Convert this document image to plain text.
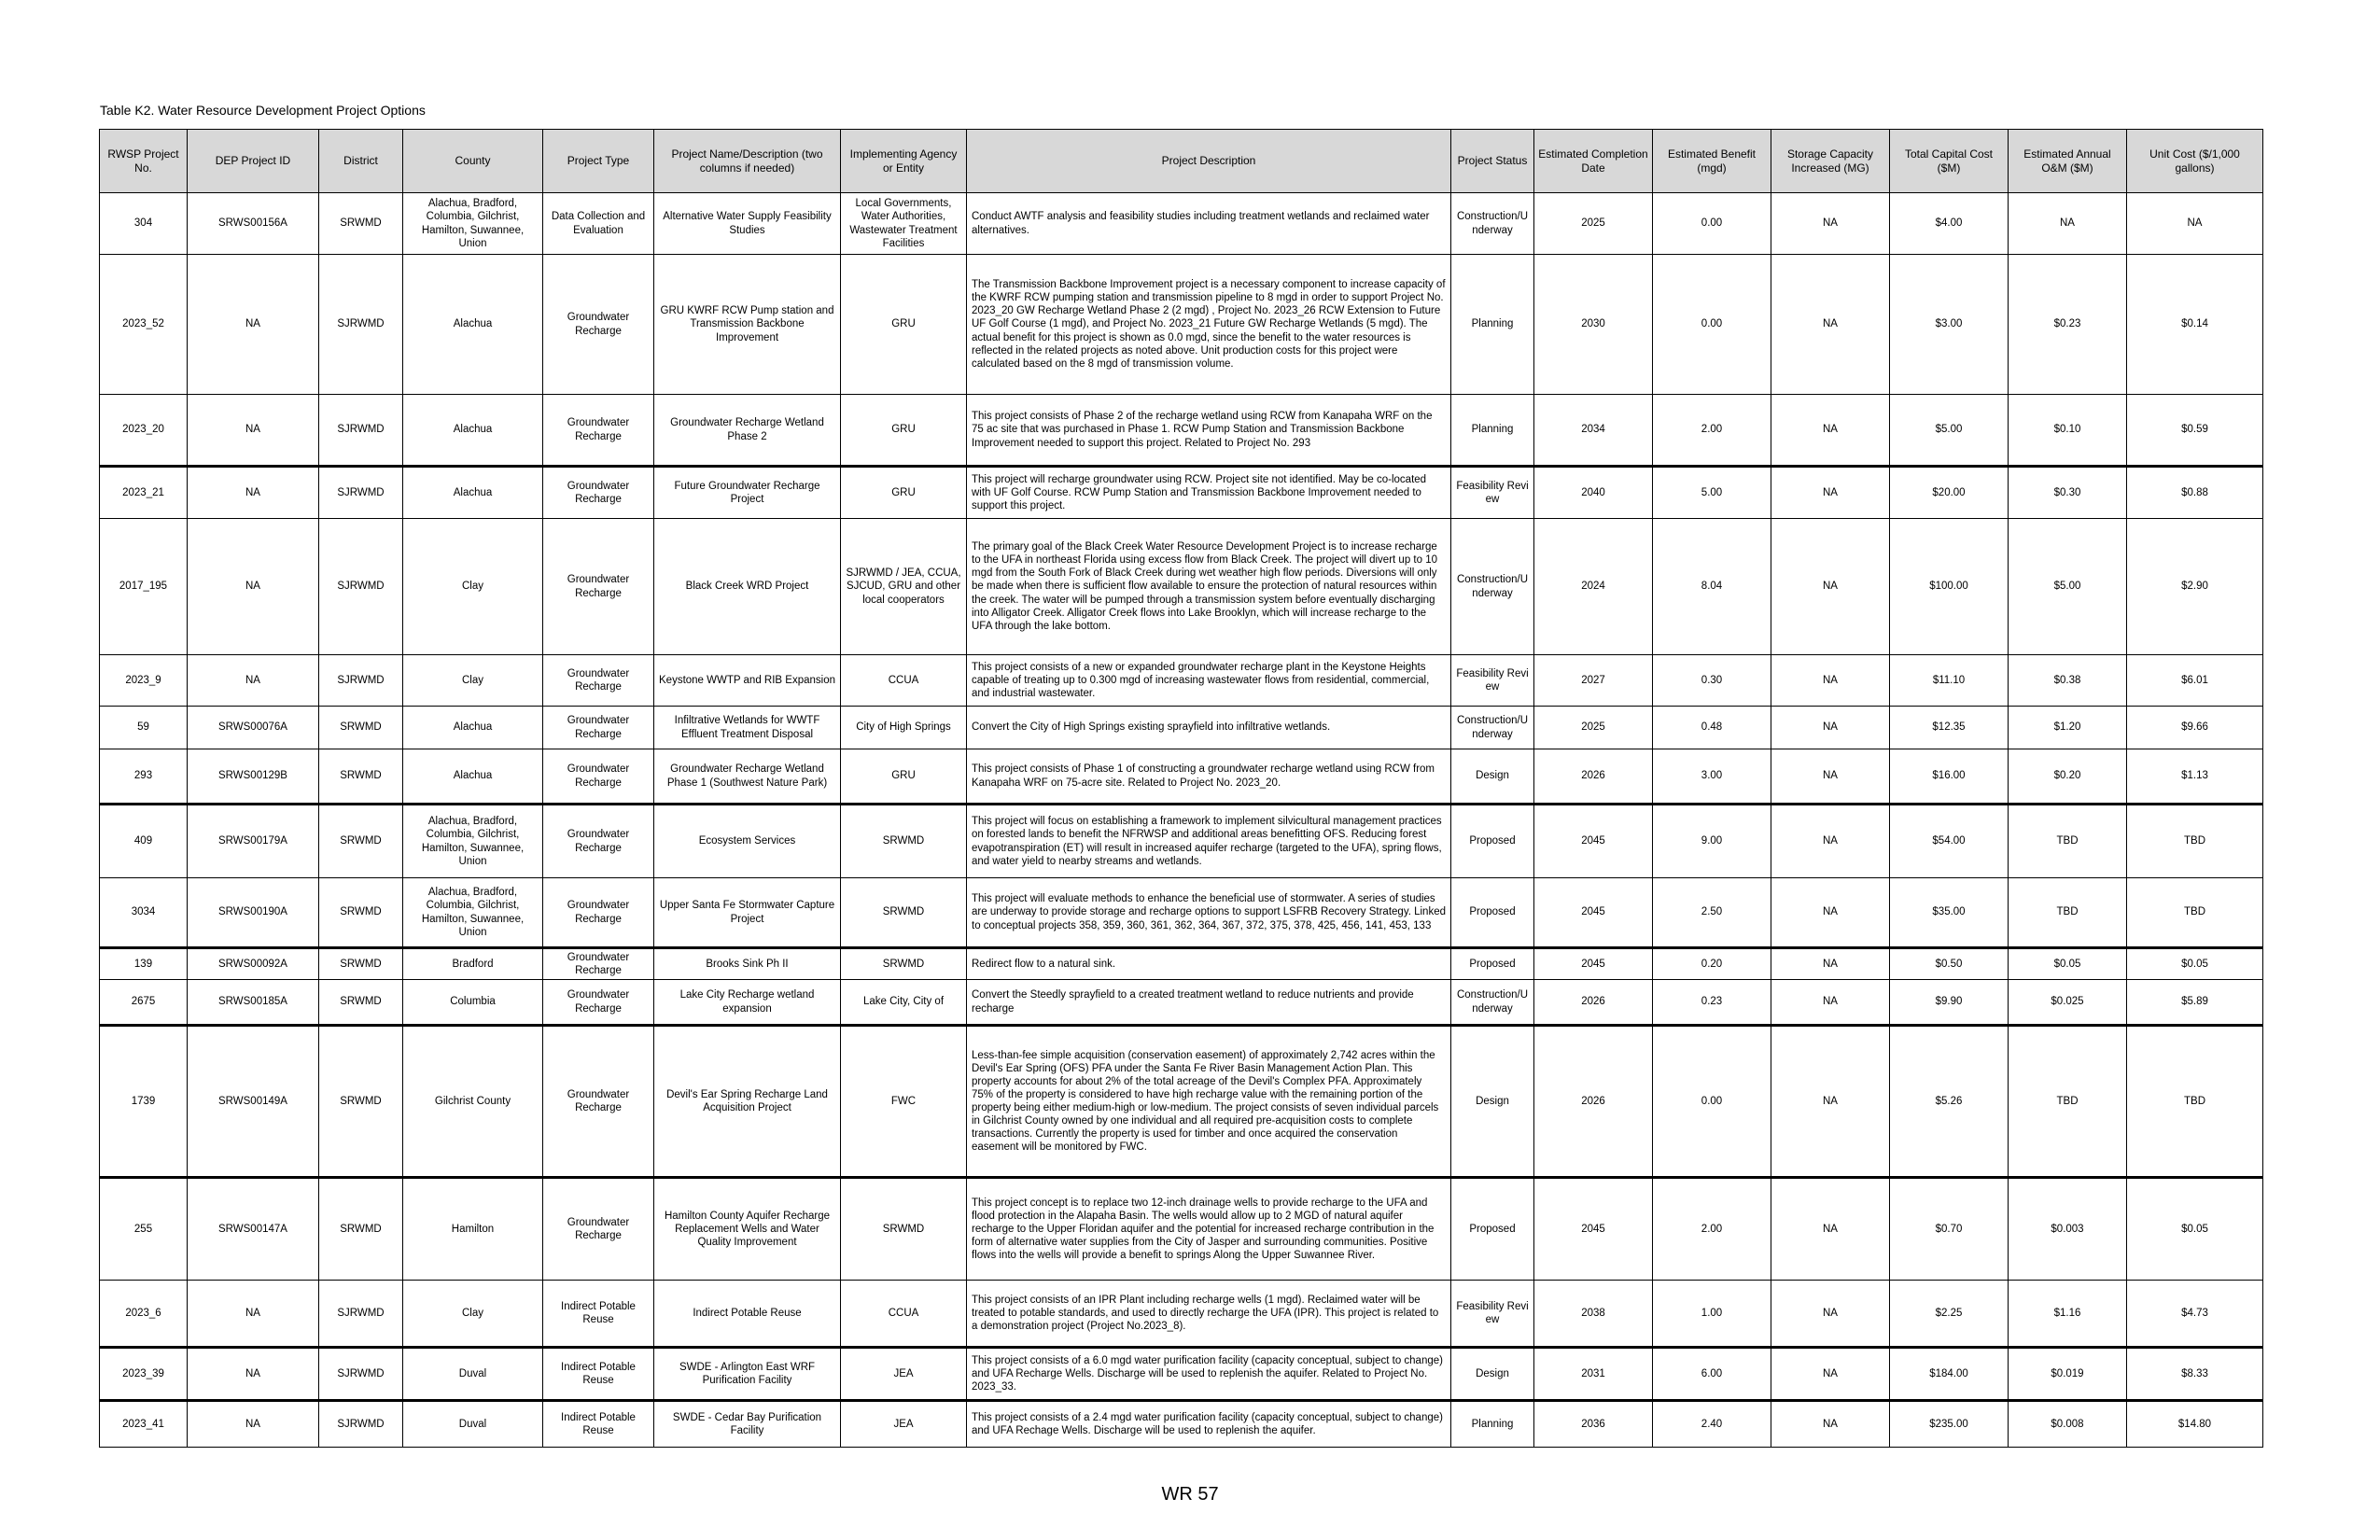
Table K2. Water Resource Development Project Options
RWSP Project No.	DEP Project ID	District	County	Project Type	Project Name/Description (two columns if needed)	Implementing Agency or Entity	Project Description	Project Status	Estimated Completion Date	Estimated Benefit (mgd)	Storage Capacity Increased (MG)	Total Capital Cost ($M)	Estimated Annual O&M ($M)	Unit Cost ($/1,000 gallons)
304	SRWS00156A	SRWMD	Alachua, Bradford, Columbia, Gilchrist, Hamilton, Suwannee, Union	Data Collection and Evaluation	Alternative Water Supply Feasibility Studies	Local Governments, Water Authorities, Wastewater Treatment Facilities	Conduct AWTF analysis and feasibility studies including treatment wetlands and reclaimed water alternatives.	Construction/Underway	2025	0.00	NA	$4.00	NA	NA
2023_52	NA	SJRWMD	Alachua	Groundwater Recharge	GRU KWRF RCW Pump station and Transmission Backbone Improvement	GRU	The Transmission Backbone Improvement project is a necessary component to increase capacity of the KWRF RCW pumping station and transmission pipeline to 8 mgd in order to support Project No. 2023_20 GW Recharge Wetland Phase 2 (2 mgd) , Project No. 2023_26 RCW Extension to Future UF Golf Course (1 mgd), and Project No. 2023_21 Future GW Recharge Wetlands (5 mgd). The actual benefit for this project is shown as 0.0 mgd, since the benefit to the water resources is reflected in the related projects as noted above. Unit production costs for this project were calculated based on the 8 mgd of transmission volume.	Planning	2030	0.00	NA	$3.00	$0.23	$0.14
2023_20	NA	SJRWMD	Alachua	Groundwater Recharge	Groundwater Recharge Wetland Phase 2	GRU	This project consists of Phase 2 of the recharge wetland using RCW from Kanapaha WRF on the 75 ac site that was purchased in Phase 1. RCW Pump Station and Transmission Backbone Improvement needed to support this project. Related to Project No. 293	Planning	2034	2.00	NA	$5.00	$0.10	$0.59
2023_21	NA	SJRWMD	Alachua	Groundwater Recharge	Future Groundwater Recharge Project	GRU	This project will recharge groundwater using RCW. Project site not identified. May be co-located with UF Golf Course. RCW Pump Station and Transmission Backbone Improvement needed to support this project.	Feasibility Review	2040	5.00	NA	$20.00	$0.30	$0.88
2017_195	NA	SJRWMD	Clay	Groundwater Recharge	Black Creek WRD Project	SJRWMD / JEA, CCUA, SJCUD, GRU and other local cooperators	The primary goal of the Black Creek Water Resource Development Project is to increase recharge to the UFA in northeast Florida using excess flow from Black Creek. The project will divert up to 10 mgd from the South Fork of Black Creek during wet weather high flow periods. Diversions will only be made when there is sufficient flow available to ensure the protection of natural resources within the creek. The water will be pumped through a transmission system before eventually discharging into Alligator Creek. Alligator Creek flows into Lake Brooklyn, which will increase recharge to the UFA through the lake bottom.	Construction/Underway	2024	8.04	NA	$100.00	$5.00	$2.90
2023_9	NA	SJRWMD	Clay	Groundwater Recharge	Keystone WWTP and RIB Expansion	CCUA	This project consists of a new or expanded groundwater recharge plant in the Keystone Heights capable of treating up to 0.300 mgd of increasing wastewater flows from residential, commercial, and industrial wastewater.	Feasibility Review	2027	0.30	NA	$11.10	$0.38	$6.01
59	SRWS00076A	SRWMD	Alachua	Groundwater Recharge	Infiltrative Wetlands for WWTF Effluent Treatment Disposal	City of High Springs	Convert the City of High Springs existing sprayfield into infiltrative wetlands.	Construction/Underway	2025	0.48	NA	$12.35	$1.20	$9.66
293	SRWS00129B	SRWMD	Alachua	Groundwater Recharge	Groundwater Recharge Wetland Phase 1 (Southwest Nature Park)	GRU	This project consists of Phase 1 of constructing a groundwater recharge wetland using RCW from Kanapaha WRF on 75-acre site. Related to Project No. 2023_20.	Design	2026	3.00	NA	$16.00	$0.20	$1.13
409	SRWS00179A	SRWMD	Alachua, Bradford, Columbia, Gilchrist, Hamilton, Suwannee, Union	Groundwater Recharge	Ecosystem Services	SRWMD	This project will focus on establishing a framework to implement silvicultural management practices on forested lands to benefit the NFRWSP and additional areas benefitting OFS. Reducing forest evapotranspiration (ET) will result in increased aquifer recharge (targeted to the UFA), spring flows, and water yield to nearby streams and wetlands.	Proposed	2045	9.00	NA	$54.00	TBD	TBD
3034	SRWS00190A	SRWMD	Alachua, Bradford, Columbia, Gilchrist, Hamilton, Suwannee, Union	Groundwater Recharge	Upper Santa Fe Stormwater Capture Project	SRWMD	This project will evaluate methods to enhance the beneficial use of stormwater. A series of studies are underway to provide storage and recharge options to support LSFRB Recovery Strategy. Linked to conceptual projects 358, 359, 360, 361, 362, 364, 367, 372, 375, 378, 425, 456, 141, 453, 133	Proposed	2045	2.50	NA	$35.00	TBD	TBD
139	SRWS00092A	SRWMD	Bradford	Groundwater Recharge	Brooks Sink Ph II	SRWMD	Redirect flow to a natural sink.	Proposed	2045	0.20	NA	$0.50	$0.05	$0.05
2675	SRWS00185A	SRWMD	Columbia	Groundwater Recharge	Lake City Recharge wetland expansion	Lake City, City of	Convert the Steedly sprayfield to a created treatment wetland to reduce nutrients and provide recharge	Construction/Underway	2026	0.23	NA	$9.90	$0.025	$5.89
1739	SRWS00149A	SRWMD	Gilchrist County	Groundwater Recharge	Devil's Ear Spring Recharge Land Acquisition Project	FWC	Less-than-fee simple acquisition (conservation easement) of approximately 2,742 acres within the Devil's Ear Spring (OFS) PFA under the Santa Fe River Basin Management Action Plan. This property accounts for about 2% of the total acreage of the Devil's Complex PFA. Approximately 75% of the property is considered to have high recharge value with the remaining portion of the property being either medium-high or low-medium. The project consists of seven individual parcels in Gilchrist County owned by one individual and all required pre-acquisition costs to complete transactions. Currently the property is used for timber and once acquired the conservation easement will be monitored by FWC.	Design	2026	0.00	NA	$5.26	TBD	TBD
255	SRWS00147A	SRWMD	Hamilton	Groundwater Recharge	Hamilton County Aquifer Recharge Replacement Wells and Water Quality Improvement	SRWMD	This project concept is to replace two 12-inch drainage wells to provide recharge to the UFA and flood protection in the Alapaha Basin. The wells would allow up to 2 MGD of natural aquifer recharge to the Upper Floridan aquifer and the potential for increased recharge contribution in the form of alternative water supplies from the City of Jasper and surrounding communities. Positive flows into the wells will provide a benefit to springs Along the Upper Suwannee River.	Proposed	2045	2.00	NA	$0.70	$0.003	$0.05
2023_6	NA	SJRWMD	Clay	Indirect Potable Reuse	Indirect Potable Reuse	CCUA	This project consists of an IPR Plant including recharge wells (1 mgd). Reclaimed water will be treated to potable standards, and used to directly recharge the UFA (IPR). This project is related to a demonstration project (Project No.2023_8).	Feasibility Review	2038	1.00	NA	$2.25	$1.16	$4.73
2023_39	NA	SJRWMD	Duval	Indirect Potable Reuse	SWDE - Arlington East WRF Purification Facility	JEA	This project consists of a 6.0 mgd water purification facility (capacity conceptual, subject to change) and UFA Recharge Wells. Discharge will be used to replenish the aquifer. Related to Project No. 2023_33.	Design	2031	6.00	NA	$184.00	$0.019	$8.33
2023_41	NA	SJRWMD	Duval	Indirect Potable Reuse	SWDE - Cedar Bay Purification Facility	JEA	This project consists of a 2.4 mgd water purification facility (capacity conceptual, subject to change) and UFA Rechage Wells. Discharge will be used to replenish the aquifer.	Planning	2036	2.40	NA	$235.00	$0.008	$14.80
WR 57
